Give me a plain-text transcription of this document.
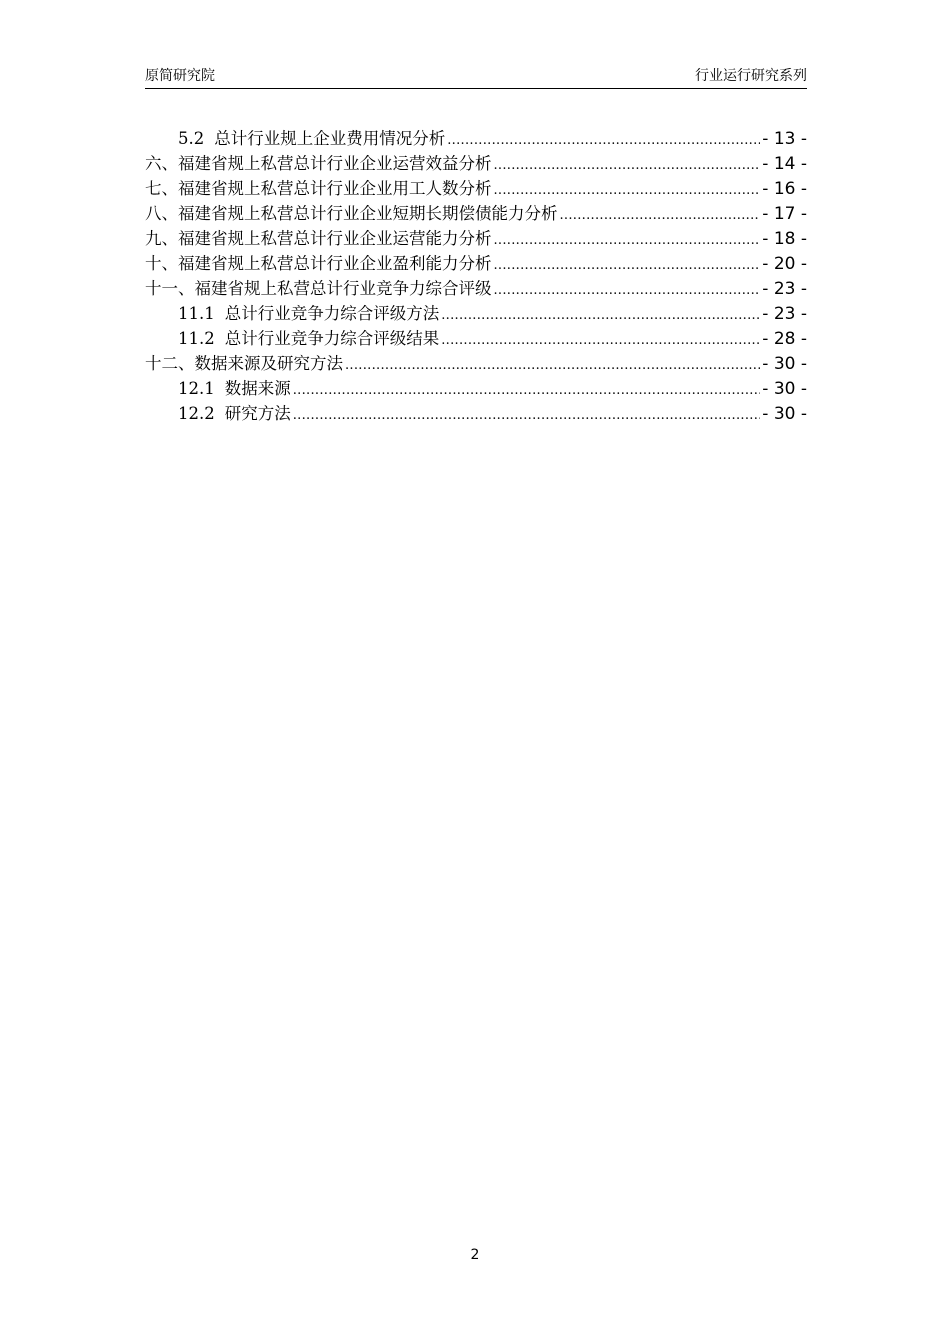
原简研究院	行业运行研究系列
5.2 总计行业规上企业费用情况分析 .....	- 13 -
六、福建省规上私营总计行业企业运营效益分析 .....	- 14 -
七、福建省规上私营总计行业企业用工人数分析 .....	- 16 -
八、福建省规上私营总计行业企业短期长期偿债能力分析 .....	- 17 -
九、福建省规上私营总计行业企业运营能力分析 .....	- 18 -
十、福建省规上私营总计行业企业盈利能力分析 .....	- 20 -
十一、福建省规上私营总计行业竞争力综合评级 .....	- 23 -
11.1 总计行业竞争力综合评级方法 .....	- 23 -
11.2 总计行业竞争力综合评级结果 .....	- 28 -
十二、数据来源及研究方法 .....	- 30 -
12.1 数据来源 .....	- 30 -
12.2 研究方法 .....	- 30 -
2
